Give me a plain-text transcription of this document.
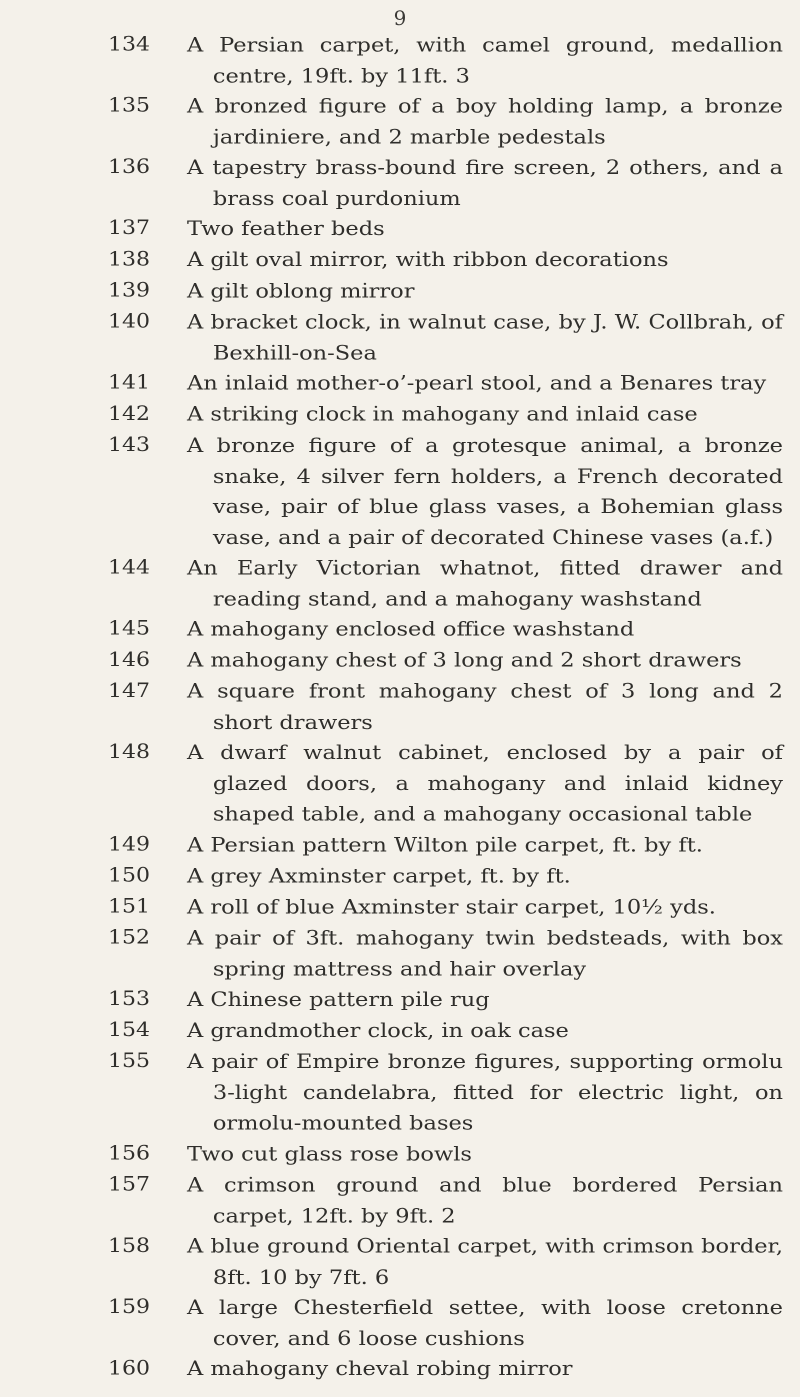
9
134	A Persian carpet, with camel ground, medallion centre, 19ft. by 11ft. 3
135	A bronzed figure of a boy holding lamp, a bronze jardiniere, and 2 marble pedestals
136	A tapestry brass-bound fire screen, 2 others, and a brass coal purdonium
137	Two feather beds
138	A gilt oval mirror, with ribbon decorations
139	A gilt oblong mirror
140	A bracket clock, in walnut case, by J. W. Collbrah, of Bexhill-on-Sea
141	An inlaid mother-o’-pearl stool, and a Benares tray
142	A striking clock in mahogany and inlaid case
143	A bronze figure of a grotesque animal, a bronze snake, 4 silver fern holders, a French decorated vase, pair of blue glass vases, a Bohemian glass vase, and a pair of decorated Chinese vases (a.f.)
144	An Early Victorian whatnot, fitted drawer and reading stand, and a mahogany washstand
145	A mahogany enclosed office washstand
146	A mahogany chest of 3 long and 2 short drawers
147	A square front mahogany chest of 3 long and 2 short drawers
148	A dwarf walnut cabinet, enclosed by a pair of glazed doors, a mahogany and inlaid kidney shaped table, and a mahogany occasional table
149	A Persian pattern Wilton pile carpet, ft. by ft.
150	A grey Axminster carpet, ft. by ft.
151	A roll of blue Axminster stair carpet, 10½ yds.
152	A pair of 3ft. mahogany twin bedsteads, with box spring mattress and hair overlay
153	A Chinese pattern pile rug
154	A grandmother clock, in oak case
155	A pair of Empire bronze figures, supporting ormolu 3-light candelabra, fitted for electric light, on ormolu-mounted bases
156	Two cut glass rose bowls
157	A crimson ground and blue bordered Persian carpet, 12ft. by 9ft. 2
158	A blue ground Oriental carpet, with crimson border, 8ft. 10 by 7ft. 6
159	A large Chesterfield settee, with loose cretonne cover, and 6 loose cushions
160	A mahogany cheval robing mirror
